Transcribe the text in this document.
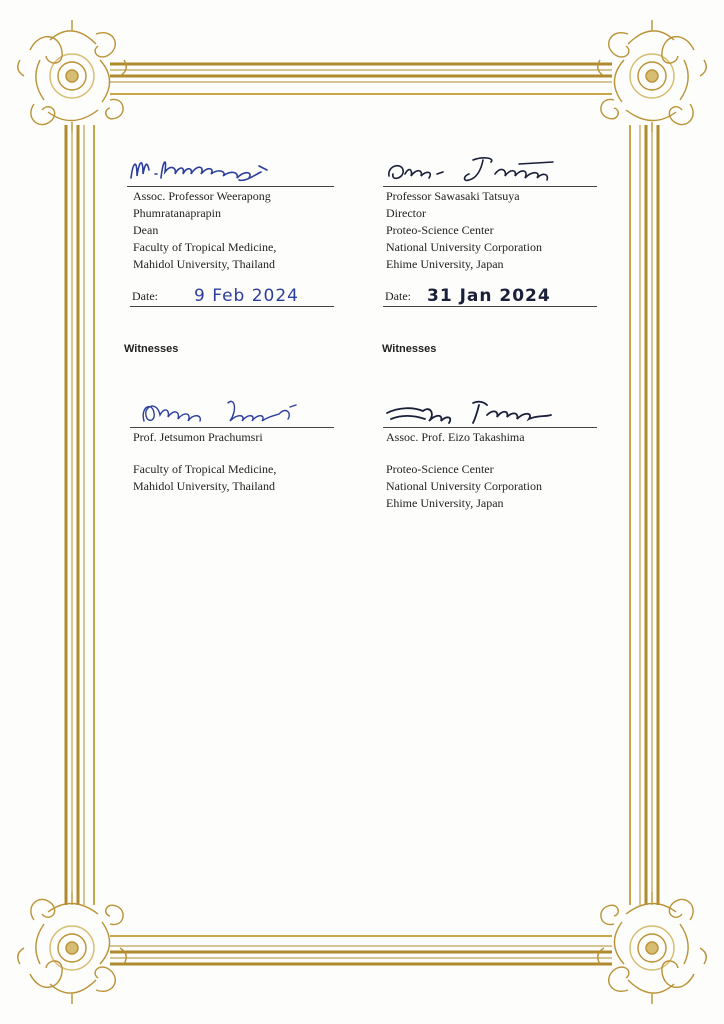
Assoc. Professor Weerapong
Phumratanaprapin
Dean
Faculty of Tropical Medicine,
Mahidol University, Thailand
Date: 9 Feb 2024
Witnesses
Prof. Jetsumon Prachumsri
Faculty of Tropical Medicine,
Mahidol University, Thailand
Professor Sawasaki Tatsuya
Director
Proteo-Science Center
National University Corporation
Ehime University, Japan
Date: 31 Jan 2024
Witnesses
Assoc. Prof. Eizo Takashima
Proteo-Science Center
National University Corporation
Ehime University, Japan
